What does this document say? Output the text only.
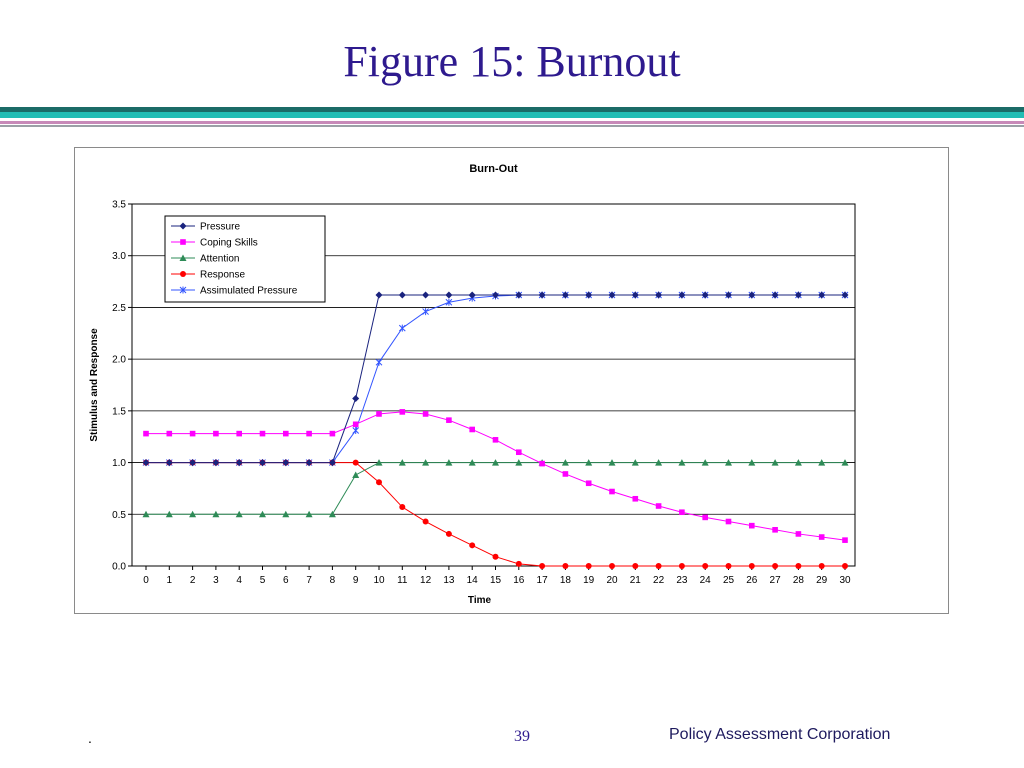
Figure 15: Burnout
Burn-Out
0.0
0.5
1.0
1.5
2.0
2.5
3.0
3.5
0 1 2 3 4 5 6 7 8 9 10 11 12 13 14 15 16 17 18 19 20 21 22 23 24 25 26 27 28 29 30
Time
Stimulus and Response
Pressure
Coping Skills
Attention
Response
Assimulated Pressure
.	39	Policy Assessment Corporation
